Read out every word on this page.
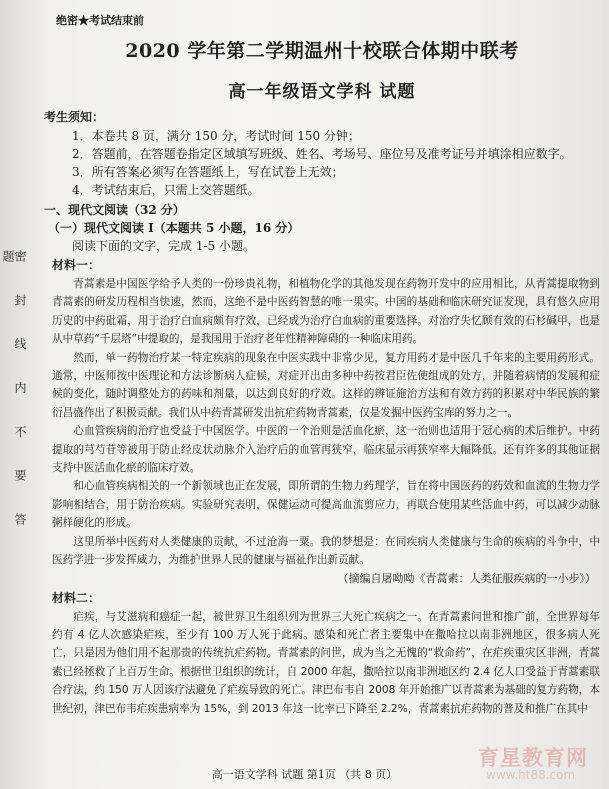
密 封 线 内 不 要 答 题
绝密★考试结束前
2020 学年第二学期温州十校联合体期中联考
高一年级语文学科 试题
考生须知：
1．本卷共 8 页，满分 150 分，考试时间 150 分钟；
2．答题前，在答题卷指定区域填写班级、姓名、考场号、座位号及准考证号并填涂相应数字。
3．所有答案必须写在答题纸上，写在试卷上无效；
4．考试结束后，只需上交答题纸。
一、现代文阅读（32 分）
（一）现代文阅读 I（本题共 5 小题，16 分）
阅读下面的文字，完成 1-5 小题。
材料一：

青蒿素是中国医学给予人类的一份珍贵礼物，和植物化学的其他发现在药物开发中的应用相比，从青蒿提取物到青蒿素的研发历程相当快速，然而，这绝不是中医药智慧的唯一果实。中国的基础和临床研究证发现，具有悠久应用历史的中药砒霜，用于治疗白血病颇有疗效，已经成为治疗白血病的重要选择。对治疗失忆顾有效的石杉碱甲，也是从中草药“千层塔”中提取的，是我国用于治疗老年性精神障碍的一种临床用药。

然而，单一药物治疗某一特定疾病的现象在中医实践中非常少见，复方用药才是中医几千年来的主要用药形式。通常，中医师按中医理论和方法诊断病人症候，对症开出由多种中药按君臣佐使组成的处方，并随着病情的发展和症候的变化，随时调整处方的药味和剂量，以达到良好的疗效。这样的辨证施治方法和有效方药的积累对中华民族的繁衍昌盛作出了积极贡献。我们从中药青蒿研发出抗疟药物青蒿素，仅是发掘中医药宝库的努力之一。

心血管疾病的治疗也受益于中国医学。中医的一个治则是活血化瘀，这一治则也适用于冠心病的术后维护。中药提取的芎芍苷等被用于防止经皮状动脉介入治疗后的血管再狭窄，临床显示再狭窄率大幅降低。还有许多的其他证据支持中医活血化瘀的临床疗效。

和心血管疾病相关的一个新领域也正在发展，即所谓的生物力药理学，旨在将中国医药的药效和血流的生物力学影响相结合，用于防治疾病。实验研究表明，保健运动可提高血流剪应力，再联合使用某些活血中药，可以减少动脉粥样硬化的形成。

这里所举中医药对人类健康的贡献，不过沧海一粟。我的梦想是：在同疾病人类健康与生命的疾病的斗争中，中医药学进一步发挥威力，为维护世界人民的健康与福祉作出新贡献。

（摘编自屠呦呦《青蒿素：人类征服疾病的一小步》）
材料二：

疟疾，与艾滋病和癌症一起，被世界卫生组织列为世界三大死亡疾病之一。在青蒿素问世和推广前，全世界每年约有 4 亿人次感染疟疾，至少有 100 万人死于此病。感染和死亡者主要集中在撒哈拉以南非洲地区，很多病人死亡，只是因为他们用不起那贵的传统抗疟药物。青蒿素的问世，成为当之无愧的“救命药”，在疟疾重灾区非洲，青蒿素已经拯救了上百万生命。根据世卫组织的统计，自 2000 年起，撒哈拉以南非洲地区约 2.4 亿人口受益于青蒿素联合疗法，约 150 万人因该疗法避免了疟疾导致的死亡。津巴布韦自 2008 年开始推广以青蒿素为基础的复方药物，本世纪初，津巴布韦疟疾患病率为 15%，到 2013 年这一比率已下降至 2.2%，青蒿素抗疟药物的普及和推广在其中

高一语文学科 试题 第1页 （共 8 页）
育星教育网
www.ht88.com
